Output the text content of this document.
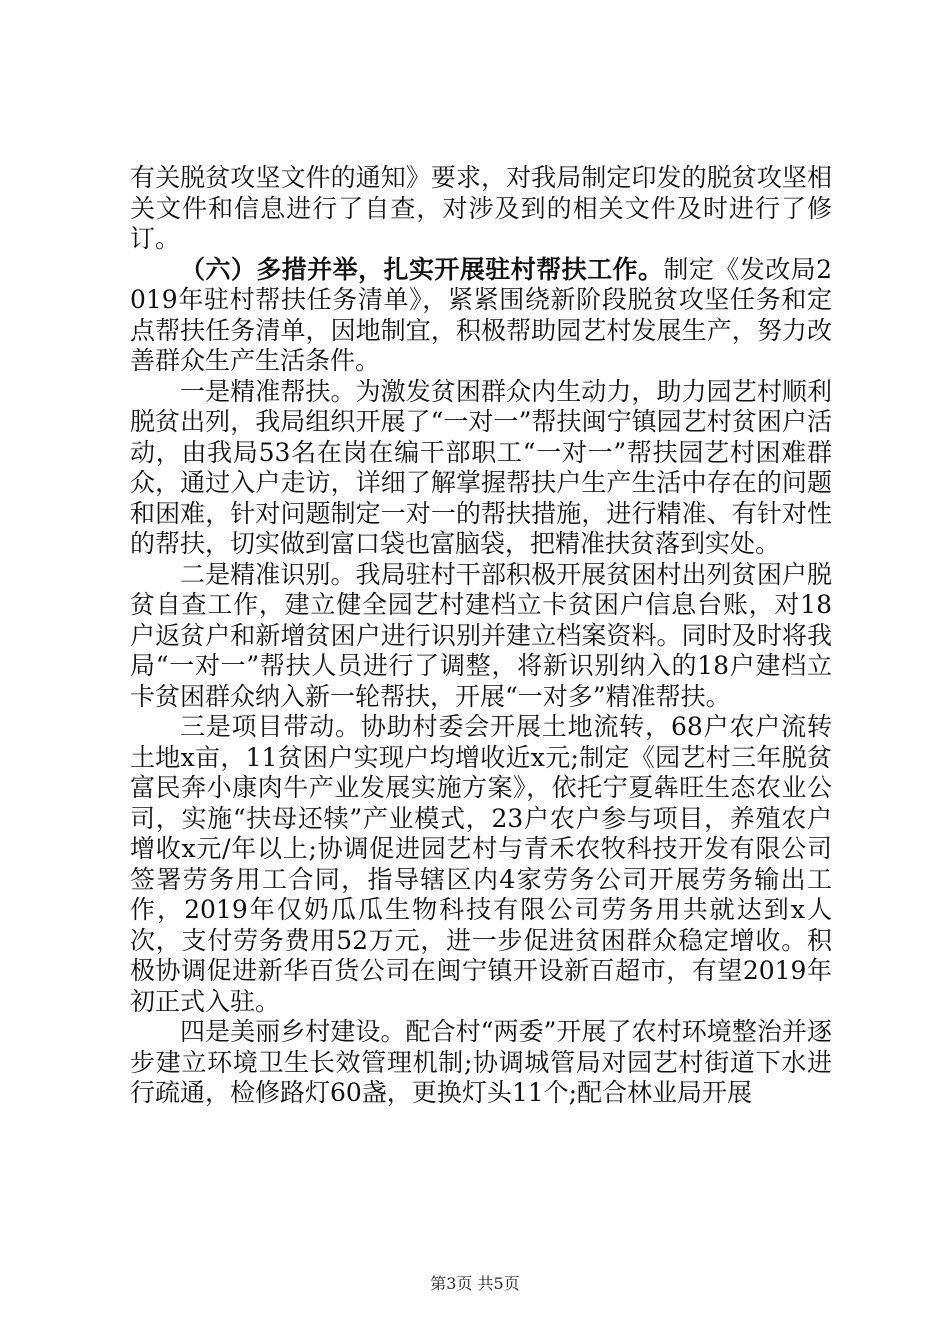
有关脱贫攻坚文件的通知》要求，对我局制定印发的脱贫攻坚相关文件和信息进行了自查，对涉及到的相关文件及时进行了修订。

（六）多措并举，扎实开展驻村帮扶工作。制定《发改局2019年驻村帮扶任务清单》，紧紧围绕新阶段脱贫攻坚任务和定点帮扶任务清单，因地制宜，积极帮助园艺村发展生产，努力改善群众生产生活条件。

一是精准帮扶。为激发贫困群众内生动力，助力园艺村顺利脱贫出列，我局组织开展了“一对一”帮扶闽宁镇园艺村贫困户活动，由我局53名在岗在编干部职工“一对一”帮扶园艺村困难群众，通过入户走访，详细了解掌握帮扶户生产生活中存在的问题和困难，针对问题制定一对一的帮扶措施，进行精准、有针对性的帮扶，切实做到富口袋也富脑袋，把精准扶贫落到实处。

二是精准识别。我局驻村干部积极开展贫困村出列贫困户脱贫自查工作，建立健全园艺村建档立卡贫困户信息台账，对18户返贫户和新增贫困户进行识别并建立档案资料。同时及时将我局“一对一”帮扶人员进行了调整，将新识别纳入的18户建档立卡贫困群众纳入新一轮帮扶，开展“一对多”精准帮扶。

三是项目带动。协助村委会开展土地流转，68户农户流转土地x亩，11贫困户实现户均增收近x元;制定《园艺村三年脱贫富民奔小康肉牛产业发展实施方案》，依托宁夏犇旺生态农业公司，实施“扶母还犊”产业模式，23户农户参与项目，养殖农户增收x元/年以上;协调促进园艺村与青禾农牧科技开发有限公司签署劳务用工合同，指导辖区内4家劳务公司开展劳务输出工作，2019年仅奶瓜瓜生物科技有限公司劳务用共就达到x人次，支付劳务费用52万元，进一步促进贫困群众稳定增收。积极协调促进新华百货公司在闽宁镇开设新百超市，有望2019年初正式入驻。

四是美丽乡村建设。配合村“两委”开展了农村环境整治并逐步建立环境卫生长效管理机制;协调城管局对园艺村街道下水进行疏通，检修路灯60盏，更换灯头11个;配合林业局开展

第3页 共5页
